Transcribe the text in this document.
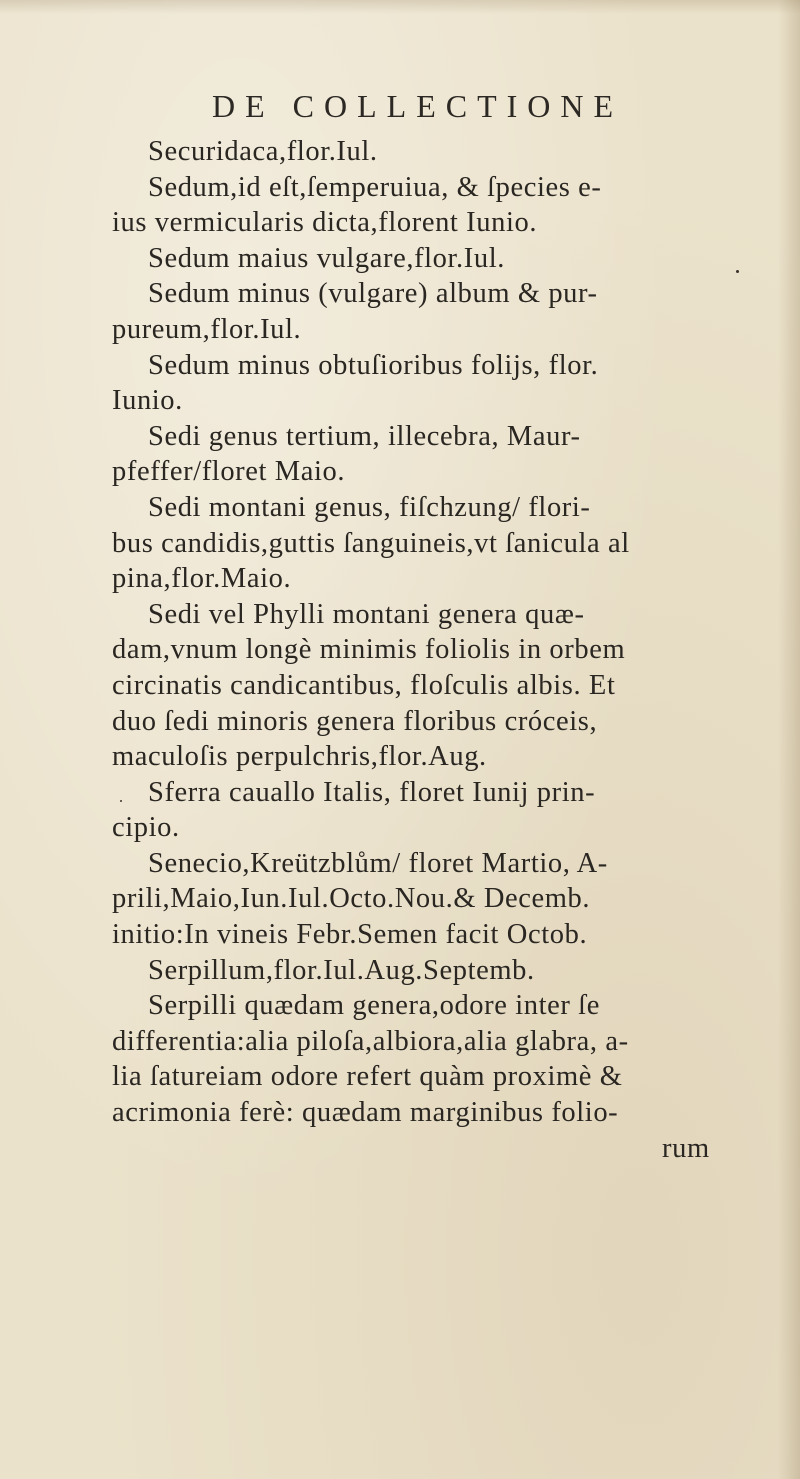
DE COLLECTIONE
Securidaca,flor.Iul.
Sedum,id eſt,ſemperuiua, & ſpecies e-
ius vermicularis dicta,florent Iunio.
Sedum maius vulgare,flor.Iul.
Sedum minus (vulgare) album & pur-
pureum,flor.Iul.
Sedum minus obtuſioribus folijs, flor.
Iunio.
Sedi genus tertium, illecebra, Maur-
pfeffer/floret Maio.
Sedi montani genus, fiſchzung/ flori-
bus candidis,guttis ſanguineis,vt ſanicula al
pina,flor.Maio.
Sedi vel Phylli montani genera quæ-
dam,vnum longè minimis foliolis in orbem
circinatis candicantibus, floſculis albis. Et
duo ſedi minoris genera floribus cróceis,
maculoſis perpulchris,flor.Aug.
Sferra cauallo Italis, floret Iunij prin-
cipio.
Senecio,Kreützblům/ floret Martio, A-
prili,Maio,Iun.Iul.Octo.Nou.& Decemb.
initio:In vineis Febr.Semen facit Octob.
Serpillum,flor.Iul.Aug.Septemb.
Serpilli quædam genera,odore inter ſe
differentia:alia piloſa,albiora,alia glabra, a-
lia ſatureiam odore refert quàm proximè &
acrimonia ferè: quædam marginibus folio-
rum
